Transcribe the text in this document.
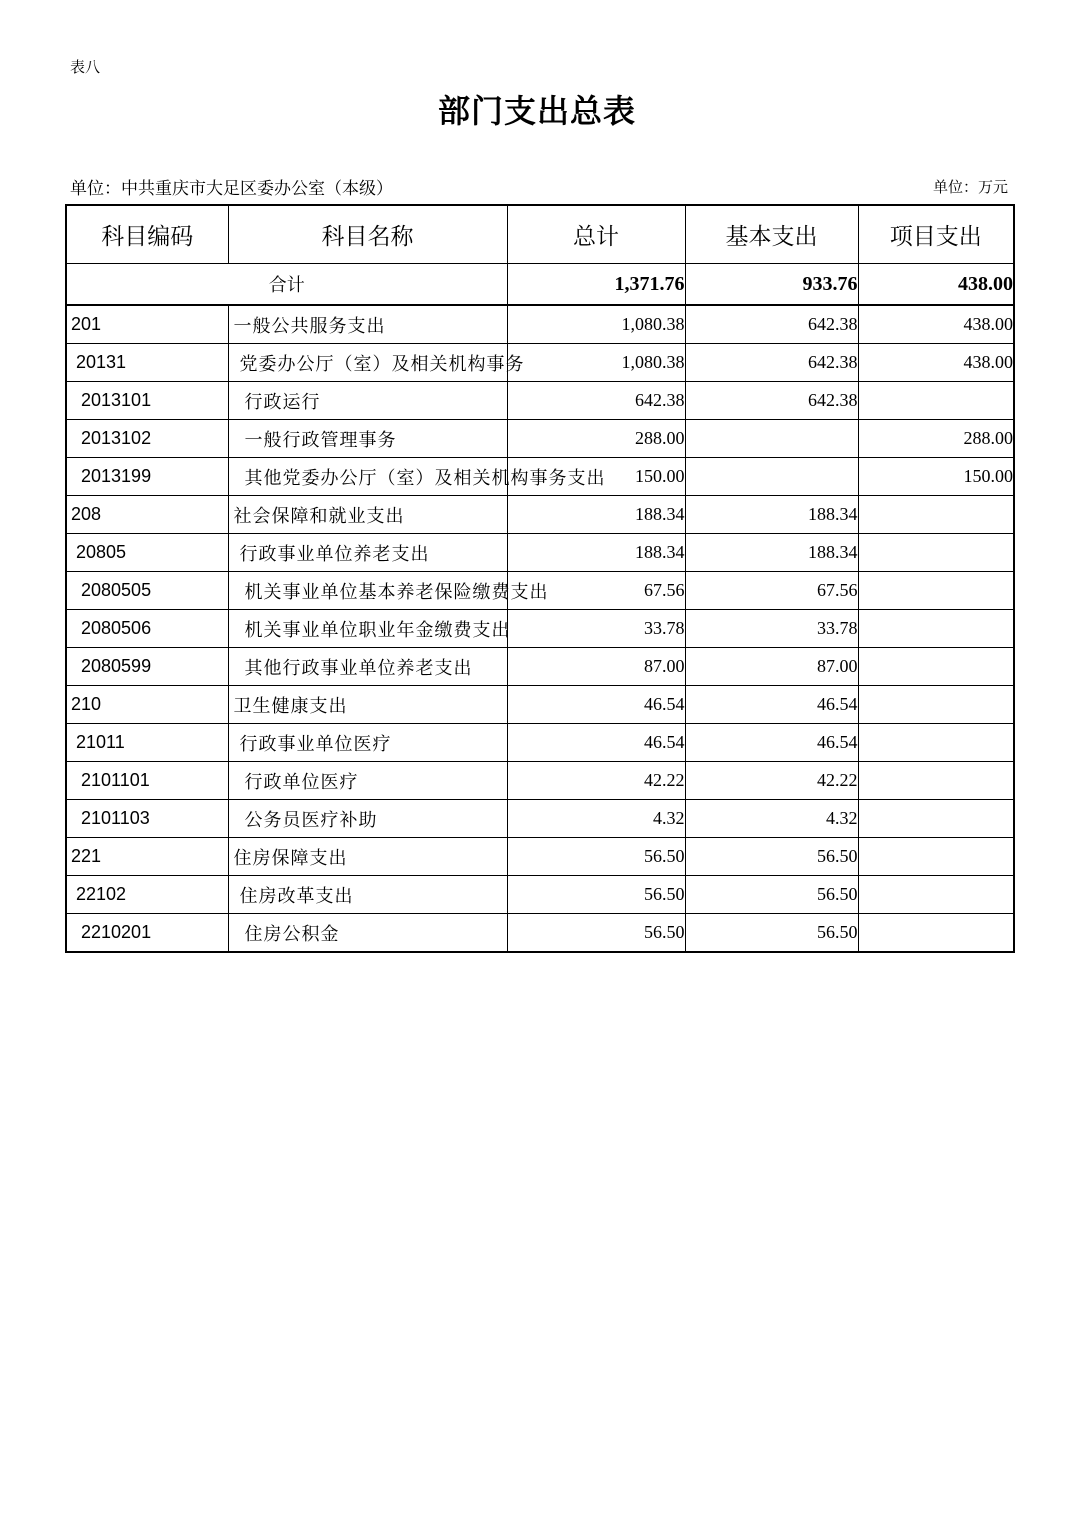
表八
部门支出总表
单位：中共重庆市大足区委办公室（本级）	单位：万元
科目编码	科目名称	总计	基本支出	项目支出
合计		1,371.76	933.76	438.00
201	一般公共服务支出	1,080.38	642.38	438.00
20131	党委办公厅（室）及相关机构事务	1,080.38	642.38	438.00
2013101	行政运行	642.38	642.38	
2013102	一般行政管理事务	288.00		288.00
2013199	其他党委办公厅（室）及相关机构事务支出	150.00		150.00
208	社会保障和就业支出	188.34	188.34	
20805	行政事业单位养老支出	188.34	188.34	
2080505	机关事业单位基本养老保险缴费支出	67.56	67.56	
2080506	机关事业单位职业年金缴费支出	33.78	33.78	
2080599	其他行政事业单位养老支出	87.00	87.00	
210	卫生健康支出	46.54	46.54	
21011	行政事业单位医疗	46.54	46.54	
2101101	行政单位医疗	42.22	42.22	
2101103	公务员医疗补助	4.32	4.32	
221	住房保障支出	56.50	56.50	
22102	住房改革支出	56.50	56.50	
2210201	住房公积金	56.50	56.50	
